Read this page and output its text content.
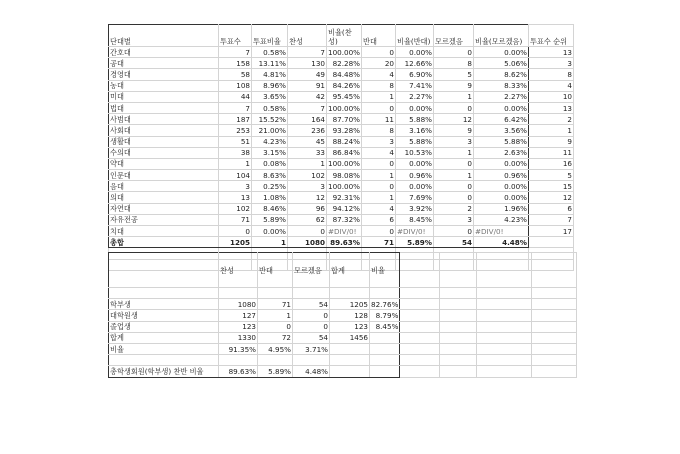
단대별	투표수	투표비율	찬성	비율(찬성)	반대	비율(반대)	모르겠음	비율(모르겠음)	투표수 순위
간호대	7	0.58%	7	100.00%	0	0.00%	0	0.00%	13
공대	158	13.11%	130	82.28%	20	12.66%	8	5.06%	3
경영대	58	4.81%	49	84.48%	4	6.90%	5	8.62%	8
농대	108	8.96%	91	84.26%	8	7.41%	9	8.33%	4
미대	44	3.65%	42	95.45%	1	2.27%	1	2.27%	10
법대	7	0.58%	7	100.00%	0	0.00%	0	0.00%	13
사범대	187	15.52%	164	87.70%	11	5.88%	12	6.42%	2
사회대	253	21.00%	236	93.28%	8	3.16%	9	3.56%	1
생활대	51	4.23%	45	88.24%	3	5.88%	3	5.88%	9
수의대	38	3.15%	33	86.84%	4	10.53%	1	2.63%	11
약대	1	0.08%	1	100.00%	0	0.00%	0	0.00%	16
인문대	104	8.63%	102	98.08%	1	0.96%	1	0.96%	5
음대	3	0.25%	3	100.00%	0	0.00%	0	0.00%	15
의대	13	1.08%	12	92.31%	1	7.69%	0	0.00%	12
자연대	102	8.46%	96	94.12%	4	3.92%	2	1.96%	6
자유전공	71	5.89%	62	87.32%	6	8.45%	3	4.23%	7
치대	0	0.00%	0	#DIV/0!	0	#DIV/0!	0	#DIV/0!	17
총합	1205	1	1080	89.63%	71	5.89%	54	4.48%	

	찬성	반대	모르겠음	합계	비율				

학부생	1080	71	54	1205	82.76%				
대학원생	127	1	0	128	8.79%				
졸업생	123	0	0	123	8.45%				
합계	1330	72	54	1456					
비율	91.35%	4.95%	3.71%						

총학생회원(학부생) 찬반 비율	89.63%	5.89%	4.48%						
